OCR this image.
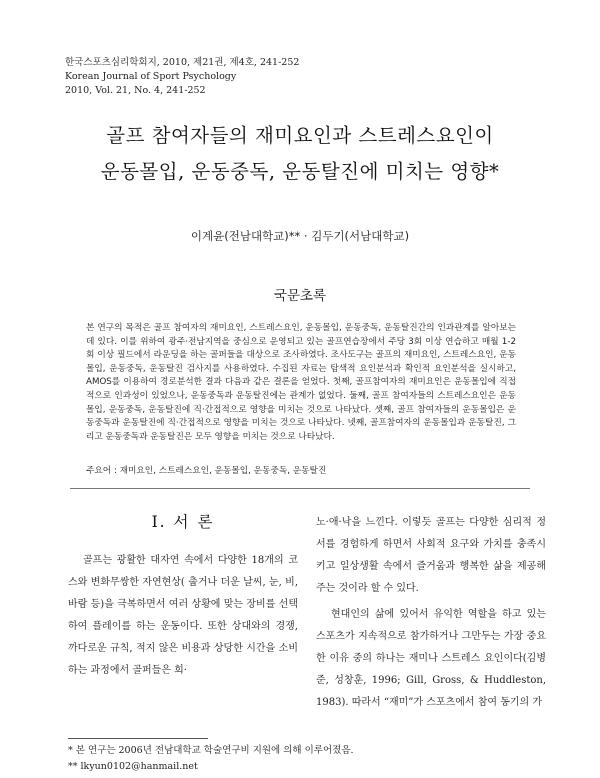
한국스포츠심리학회지, 2010, 제21권, 제4호, 241-252
Korean Journal of Sport Psychology
2010, Vol. 21, No. 4, 241-252
골프 참여자들의 재미요인과 스트레스요인이
운동몰입, 운동중독, 운동탈진에 미치는 영향*
이계윤(전남대학교)** · 김두기(서남대학교)
국문초록
본 연구의 목적은 골프 참여자의 재미요인, 스트레스요인, 운동몰입, 운동중독, 운동탈진간의 인과관계를 알아보는데 있다. 이를 위하여 광주·전남지역을 중심으로 운영되고 있는 골프연습장에서 주당 3회 이상 연습하고 매월 1-2회 이상 필드에서 라운딩을 하는 골퍼들을 대상으로 조사하였다. 조사도구는 골프의 재미요인, 스트레스요인, 운동몰입, 운동중독, 운동탈진 검사지를 사용하였다. 수집된 자료는 탐색적 요인분석과 확인적 요인분석을 실시하고, AMOS를 이용하여 경로분석한 결과 다음과 같은 결론을 얻었다. 첫째, 골프참여자의 재미요인은 운동몰입에 직접적으로 인과성이 있었으나, 운동중독과 운동탈진에는 관계가 없었다. 둘째, 골프 참여자들의 스트레스요인은 운동몰입, 운동중독, 운동탈진에 직·간접적으로 영향을 미치는 것으로 나타났다. 셋째, 골프 참여자들의 운동몰입은 운동중독과 운동탈진에 직·간접적으로 영향을 미치는 것으로 나타났다. 넷째, 골프참여자의 운동몰입과 운동탈진, 그리고 운동중독과 운동탈진은 모두 영향을 미치는 것으로 나타났다.
주요어 : 재미요인, 스트레스요인, 운동몰입, 운동중독, 운동탈진
I. 서 론

골프는 광활한 대자연 속에서 다양한 18개의 코스와 변화무쌍한 자연현상( 춥거나 더운 날씨, 눈, 비, 바람 등)을 극복하면서 여러 상황에 맞는 장비를 선택하여 플레이를 하는 운동이다. 또한 상대와의 경쟁, 까다로운 규칙, 적지 않은 비용과 상당한 시간을 소비하는 과정에서 골퍼들은 희·

노·애·낙을 느낀다. 이렇듯 골프는 다양한 심리적 정서를 경험하게 하면서 사회적 요구와 가치를 충족시키고 일상생활 속에서 즐거움과 행복한 삶을 제공해주는 것이라 할 수 있다.

현대인의 삶에 있어서 유익한 역할을 하고 있는 스포츠가 지속적으로 참가하거나 그만두는 가장 중요한 이유 중의 하나는 재미나 스트레스 요인이다(김병준, 성창훈, 1996; Gill, Gross, & Huddleston, 1983). 따라서 “재미”가 스포츠에서 참여 동기의 가

* 본 연구는 2006년 전남대학교 학술연구비 지원에 의해 이루어졌음.
** lkyun0102@hanmail.net
